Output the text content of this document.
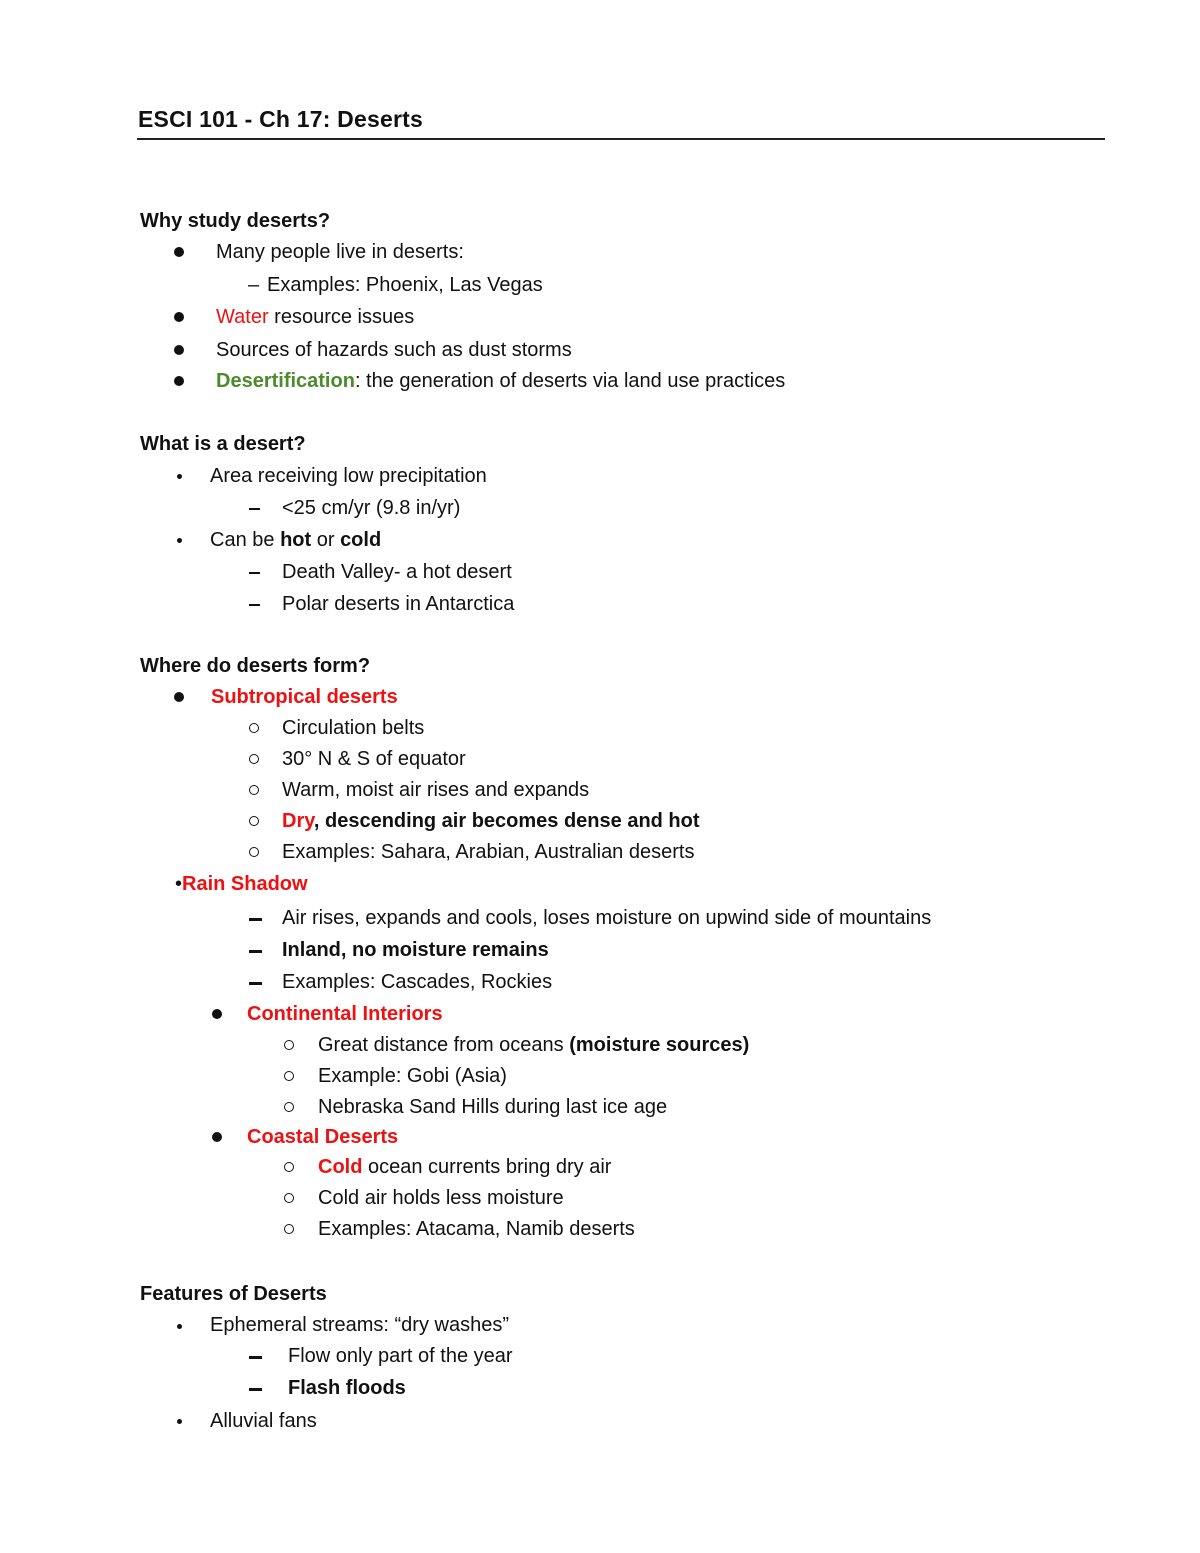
ESCI 101 - Ch 17: Deserts
Why study deserts?
Many people live in deserts:
– Examples: Phoenix, Las Vegas
Water resource issues
Sources of hazards such as dust storms
Desertification: the generation of deserts via land use practices
What is a desert?
Area receiving low precipitation
<25 cm/yr (9.8 in/yr)
Can be hot or cold
Death Valley- a hot desert
Polar deserts in Antarctica
Where do deserts form?
Subtropical deserts
Circulation belts
30° N & S of equator
Warm, moist air rises and expands
Dry, descending air becomes dense and hot
Examples: Sahara, Arabian, Australian deserts
•Rain Shadow
Air rises, expands and cools, loses moisture on upwind side of mountains
Inland, no moisture remains
Examples: Cascades, Rockies
Continental Interiors
Great distance from oceans (moisture sources)
Example: Gobi (Asia)
Nebraska Sand Hills during last ice age
Coastal Deserts
Cold ocean currents bring dry air
Cold air holds less moisture
Examples: Atacama, Namib deserts
Features of Deserts
Ephemeral streams: “dry washes”
Flow only part of the year
Flash floods
Alluvial fans
